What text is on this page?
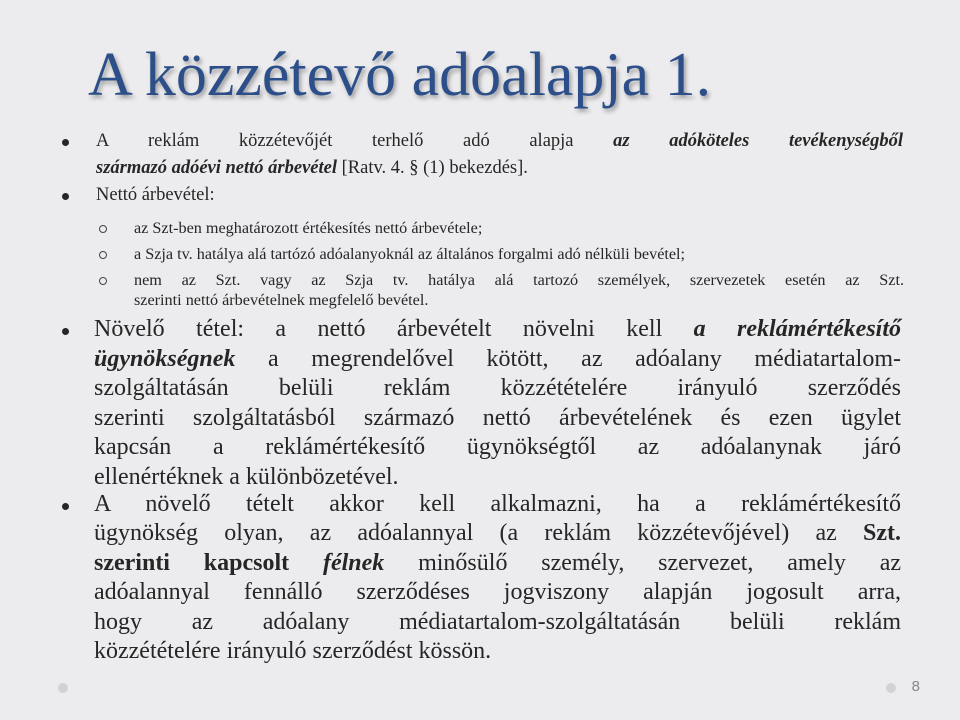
A közzétevő adóalapja 1.
A reklám közzétevőjét terhelő adó alapja az adóköteles tevékenységből
származó adóévi nettó árbevétel [Ratv. 4. § (1) bekezdés].
Nettó árbevétel:
az Szt-ben meghatározott értékesítés nettó árbevétele;
a Szja tv. hatálya alá tartózó adóalanyoknál az általános forgalmi adó nélküli bevétel;
nem az Szt. vagy az Szja tv. hatálya alá tartozó személyek, szervezetek esetén az Szt.
szerinti nettó árbevételnek megfelelő bevétel.
Növelő tétel: a nettó árbevételt növelni kell a reklámértékesítő
ügynökségnek a megrendelővel kötött, az adóalany médiatartalom-
szolgáltatásán belüli reklám közzétételére irányuló szerződés
szerinti szolgáltatásból származó nettó árbevételének és ezen ügylet
kapcsán a reklámértékesítő ügynökségtől az adóalanynak járó
ellenértéknek a különbözetével.
A növelő tételt akkor kell alkalmazni, ha a reklámértékesítő
ügynökség olyan, az adóalannyal (a reklám közzétevőjével) az Szt.
szerinti kapcsolt félnek minősülő személy, szervezet, amely az
adóalannyal fennálló szerződéses jogviszony alapján jogosult arra,
hogy az adóalany médiatartalom-szolgáltatásán belüli reklám
közzétételére irányuló szerződést kössön.
8
